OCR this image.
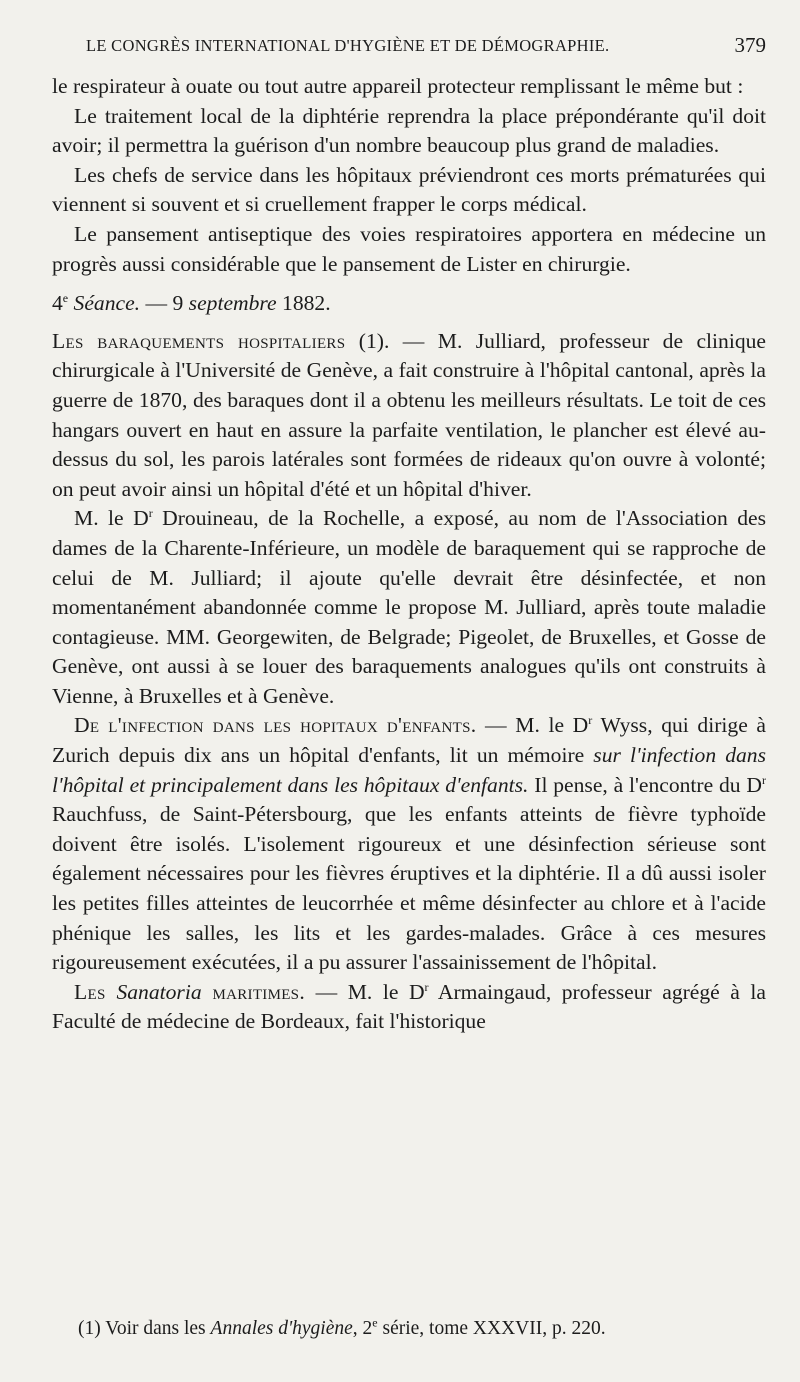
LE CONGRÈS INTERNATIONAL D'HYGIÈNE ET DE DÉMOGRAPHIE.	379

le respirateur à ouate ou tout autre appareil protecteur remplissant le même but :

Le traitement local de la diphtérie reprendra la place prépondérante qu'il doit avoir; il permettra la guérison d'un nombre beaucoup plus grand de maladies.

Les chefs de service dans les hôpitaux préviendront ces morts prématurées qui viennent si souvent et si cruellement frapper le corps médical.

Le pansement antiseptique des voies respiratoires apportera en médecine un progrès aussi considérable que le pansement de Lister en chirurgie.

4e Séance. — 9 septembre 1882.

Les baraquements hospitaliers (1). — M. Julliard, professeur de clinique chirurgicale à l'Université de Genève, a fait construire à l'hôpital cantonal, après la guerre de 1870, des baraques dont il a obtenu les meilleurs résultats. Le toit de ces hangars ouvert en haut en assure la parfaite ventilation, le plancher est élevé au-dessus du sol, les parois latérales sont formées de rideaux qu'on ouvre à volonté; on peut avoir ainsi un hôpital d'été et un hôpital d'hiver.

M. le $D^r$ Drouineau, de la Rochelle, a exposé, au nom de l'Association des dames de la Charente-Inférieure, un modèle de baraquement qui se rapproche de celui de M. Julliard; il ajoute qu'elle devrait être désinfectée, et non momentanément abandonnée comme le propose M. Julliard, après toute maladie contagieuse. MM. Georgewiten, de Belgrade; Pigeolet, de Bruxelles, et Gosse de Genève, ont aussi à se louer des baraquements analogues qu'ils ont construits à Vienne, à Bruxelles et à Genève.

De l'infection dans les hopitaux d'enfants. — M. le $D^r$ Wyss, qui dirige à Zurich depuis dix ans un hôpital d'enfants, lit un mémoire sur l'infection dans l'hôpital et principalement dans les hôpitaux d'enfants. Il pense, à l'encontre du $D^r$ Rauchfuss, de Saint-Pétersbourg, que les enfants atteints de fièvre typhoïde doivent être isolés. L'isolement rigoureux et une désinfection sérieuse sont également nécessaires pour les fièvres éruptives et la diphtérie. Il a dû aussi isoler les petites filles atteintes de leucorrhée et même désinfecter au chlore et à l'acide phénique les salles, les lits et les gardes-malades. Grâce à ces mesures rigoureusement exécutées, il a pu assurer l'assainissement de l'hôpital.

Les Sanatoria maritimes. — M. le $D^r$ Armaingaud, professeur agrégé à la Faculté de médecine de Bordeaux, fait l'historique

(1) Voir dans les Annales d'hygiène, 2e série, tome XXXVII, p. 220.
